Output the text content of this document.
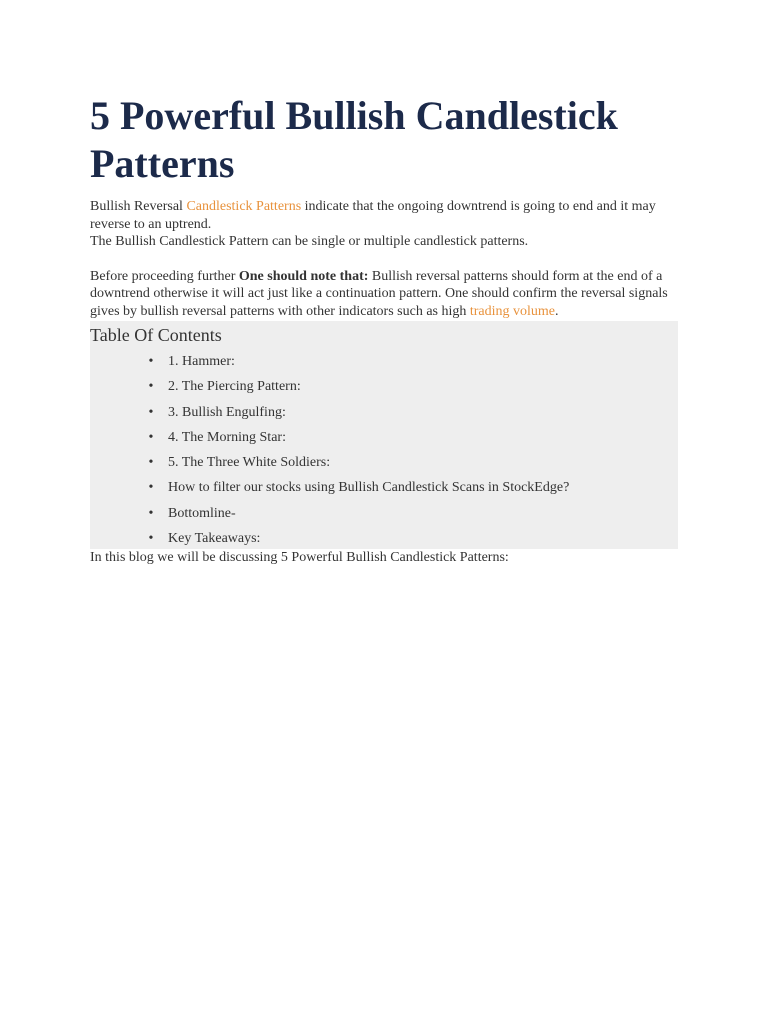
5 Powerful Bullish Candlestick Patterns

Bullish Reversal Candlestick Patterns indicate that the ongoing downtrend is going to end and it may reverse to an uptrend.

The Bullish Candlestick Pattern can be single or multiple candlestick patterns.

Before proceeding further One should note that: Bullish reversal patterns should form at the end of a downtrend otherwise it will act just like a continuation pattern. One should confirm the reversal signals gives by bullish reversal patterns with other indicators such as high trading volume.

Table Of Contents
• 1. Hammer:
• 2. The Piercing Pattern:
• 3. Bullish Engulfing:
• 4. The Morning Star:
• 5. The Three White Soldiers:
• How to filter our stocks using Bullish Candlestick Scans in StockEdge?
• Bottomline-
• Key Takeaways:

In this blog we will be discussing 5 Powerful Bullish Candlestick Patterns:
